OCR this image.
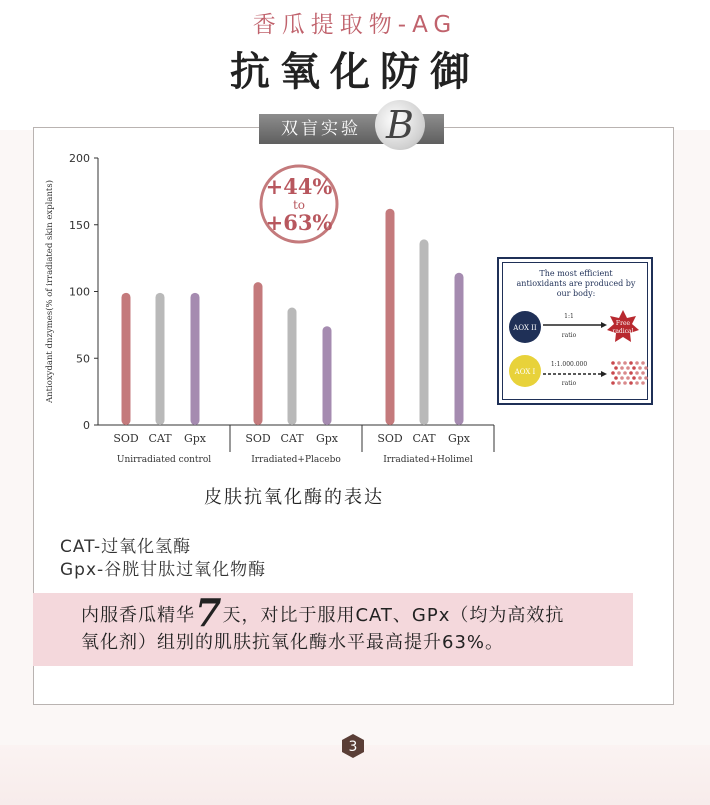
香瓜提取物-AG
抗氧化防御
双盲实验 B
0
50
100
150
200
Antioxydant dnzymes(% of irradiated skin explants)
SOD CAT Gpx
Unirradiated control
SOD CAT Gpx
Irradiated+Placebo
SOD CAT Gpx
Irradiated+Holimel
+44%
to
+63%
The most efficient
antioxidants are produced by
our body:
AOX II
1:1
ratio
Free
radical
AOX I
1:1.000.000
ratio
皮肤抗氧化酶的表达
CAT-过氧化氢酶
Gpx-谷胱甘肽过氧化物酶
内服香瓜精华7天，对比于服用CAT、GPx（均为高效抗
氧化剂）组别的肌肤抗氧化酶水平最高提升63%。
3
